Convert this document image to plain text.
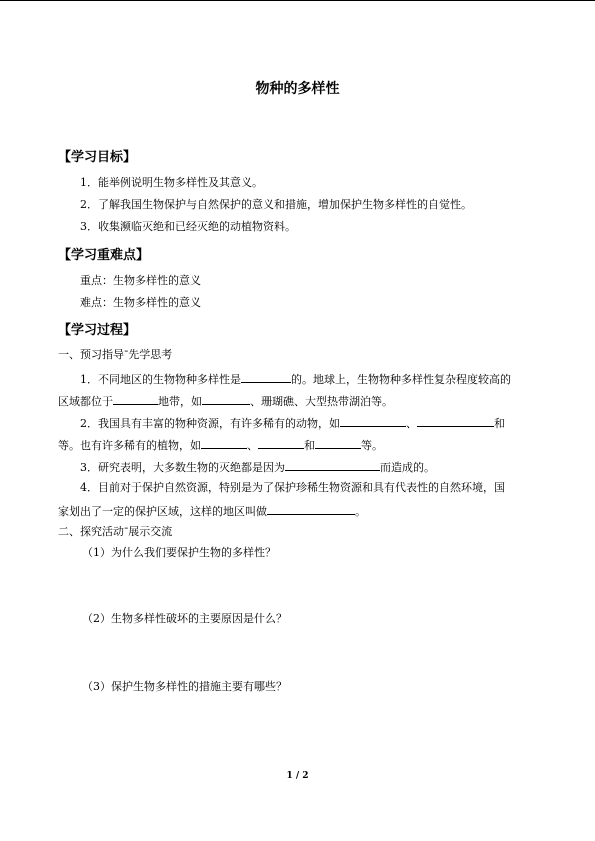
物种的多样性
【学习目标】
1．能举例说明生物多样性及其意义。
2．了解我国生物保护与自然保护的意义和措施，增加保护生物多样性的自觉性。
3．收集濒临灭绝和已经灭绝的动植物资料。
【学习重难点】
重点：生物多样性的意义
难点：生物多样性的意义
【学习过程】
一、预习指导־先学思考
1．不同地区的生物物种多样性是	的。地球上，生物物种多样性复杂程度较高的
区域都位于	地带，如	、珊瑚礁、大型热带湖泊等。
2．我国具有丰富的物种资源，有许多稀有的动物，如	、	和
等。也有许多稀有的植物，如	、	和	等。
3．研究表明，大多数生物的灭绝都是因为	而造成的。
4．目前对于保护自然资源，特别是为了保护珍稀生物资源和具有代表性的自然环境，国
家划出了一定的保护区域，这样的地区叫做	。
二、探究活动־展示交流
（1）为什么我们要保护生物的多样性？
（2）生物多样性破坏的主要原因是什么？
（3）保护生物多样性的措施主要有哪些？
1 / 2
